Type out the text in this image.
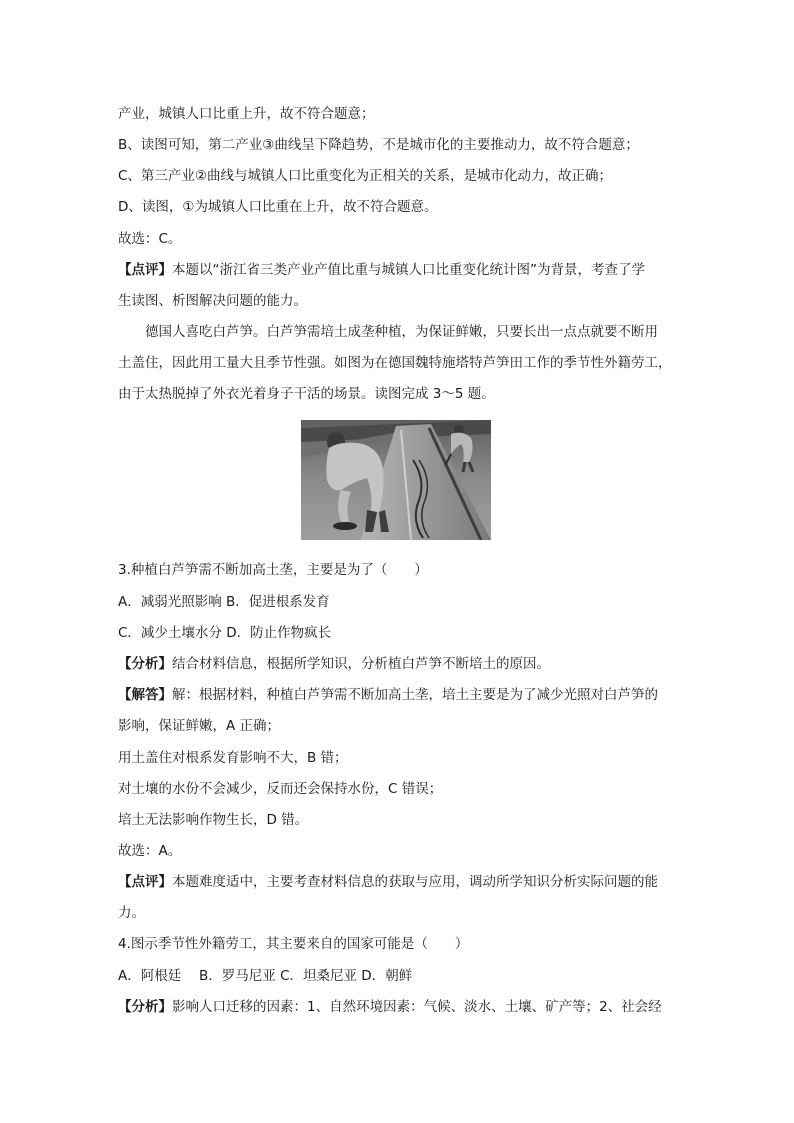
产业，城镇人口比重上升，故不符合题意；
B、读图可知，第二产业③曲线呈下降趋势，不是城市化的主要推动力，故不符合题意；
C、第三产业②曲线与城镇人口比重变化为正相关的关系，是城市化动力，故正确；
D、读图，①为城镇人口比重在上升，故不符合题意。
故选：C。
【点评】本题以“浙江省三类产业产值比重与城镇人口比重变化统计图”为背景，考查了学
生读图、析图解决问题的能力。
德国人喜吃白芦笋。白芦笋需培土成垄种植，为保证鲜嫩，只要长出一点点就要不断用
土盖住，因此用工量大且季节性强。如图为在德国魏特施塔特芦笋田工作的季节性外籍劳工，
由于太热脱掉了外衣光着身子干活的场景。读图完成 3～5 题。
3.种植白芦笋需不断加高土垄，主要是为了（　　）
A．减弱光照影响 B．促进根系发育
C．减少土壤水分 D．防止作物疯长
【分析】结合材料信息，根据所学知识，分析植白芦笋不断培土的原因。
【解答】解：根据材料，种植白芦笋需不断加高土垄，培土主要是为了减少光照对白芦笋的
影响，保证鲜嫩，A 正确；
用土盖住对根系发育影响不大，B 错；
对土壤的水份不会减少，反而还会保持水份，C 错误；
培土无法影响作物生长，D 错。
故选：A。
【点评】本题难度适中，主要考查材料信息的获取与应用，调动所学知识分析实际问题的能
力。
4.图示季节性外籍劳工，其主要来自的国家可能是（　　）
A．阿根廷　 B．罗马尼亚 C．坦桑尼亚 D．朝鲜
【分析】影响人口迁移的因素：1、自然环境因素：气候、淡水、土壤、矿产等；2、社会经
